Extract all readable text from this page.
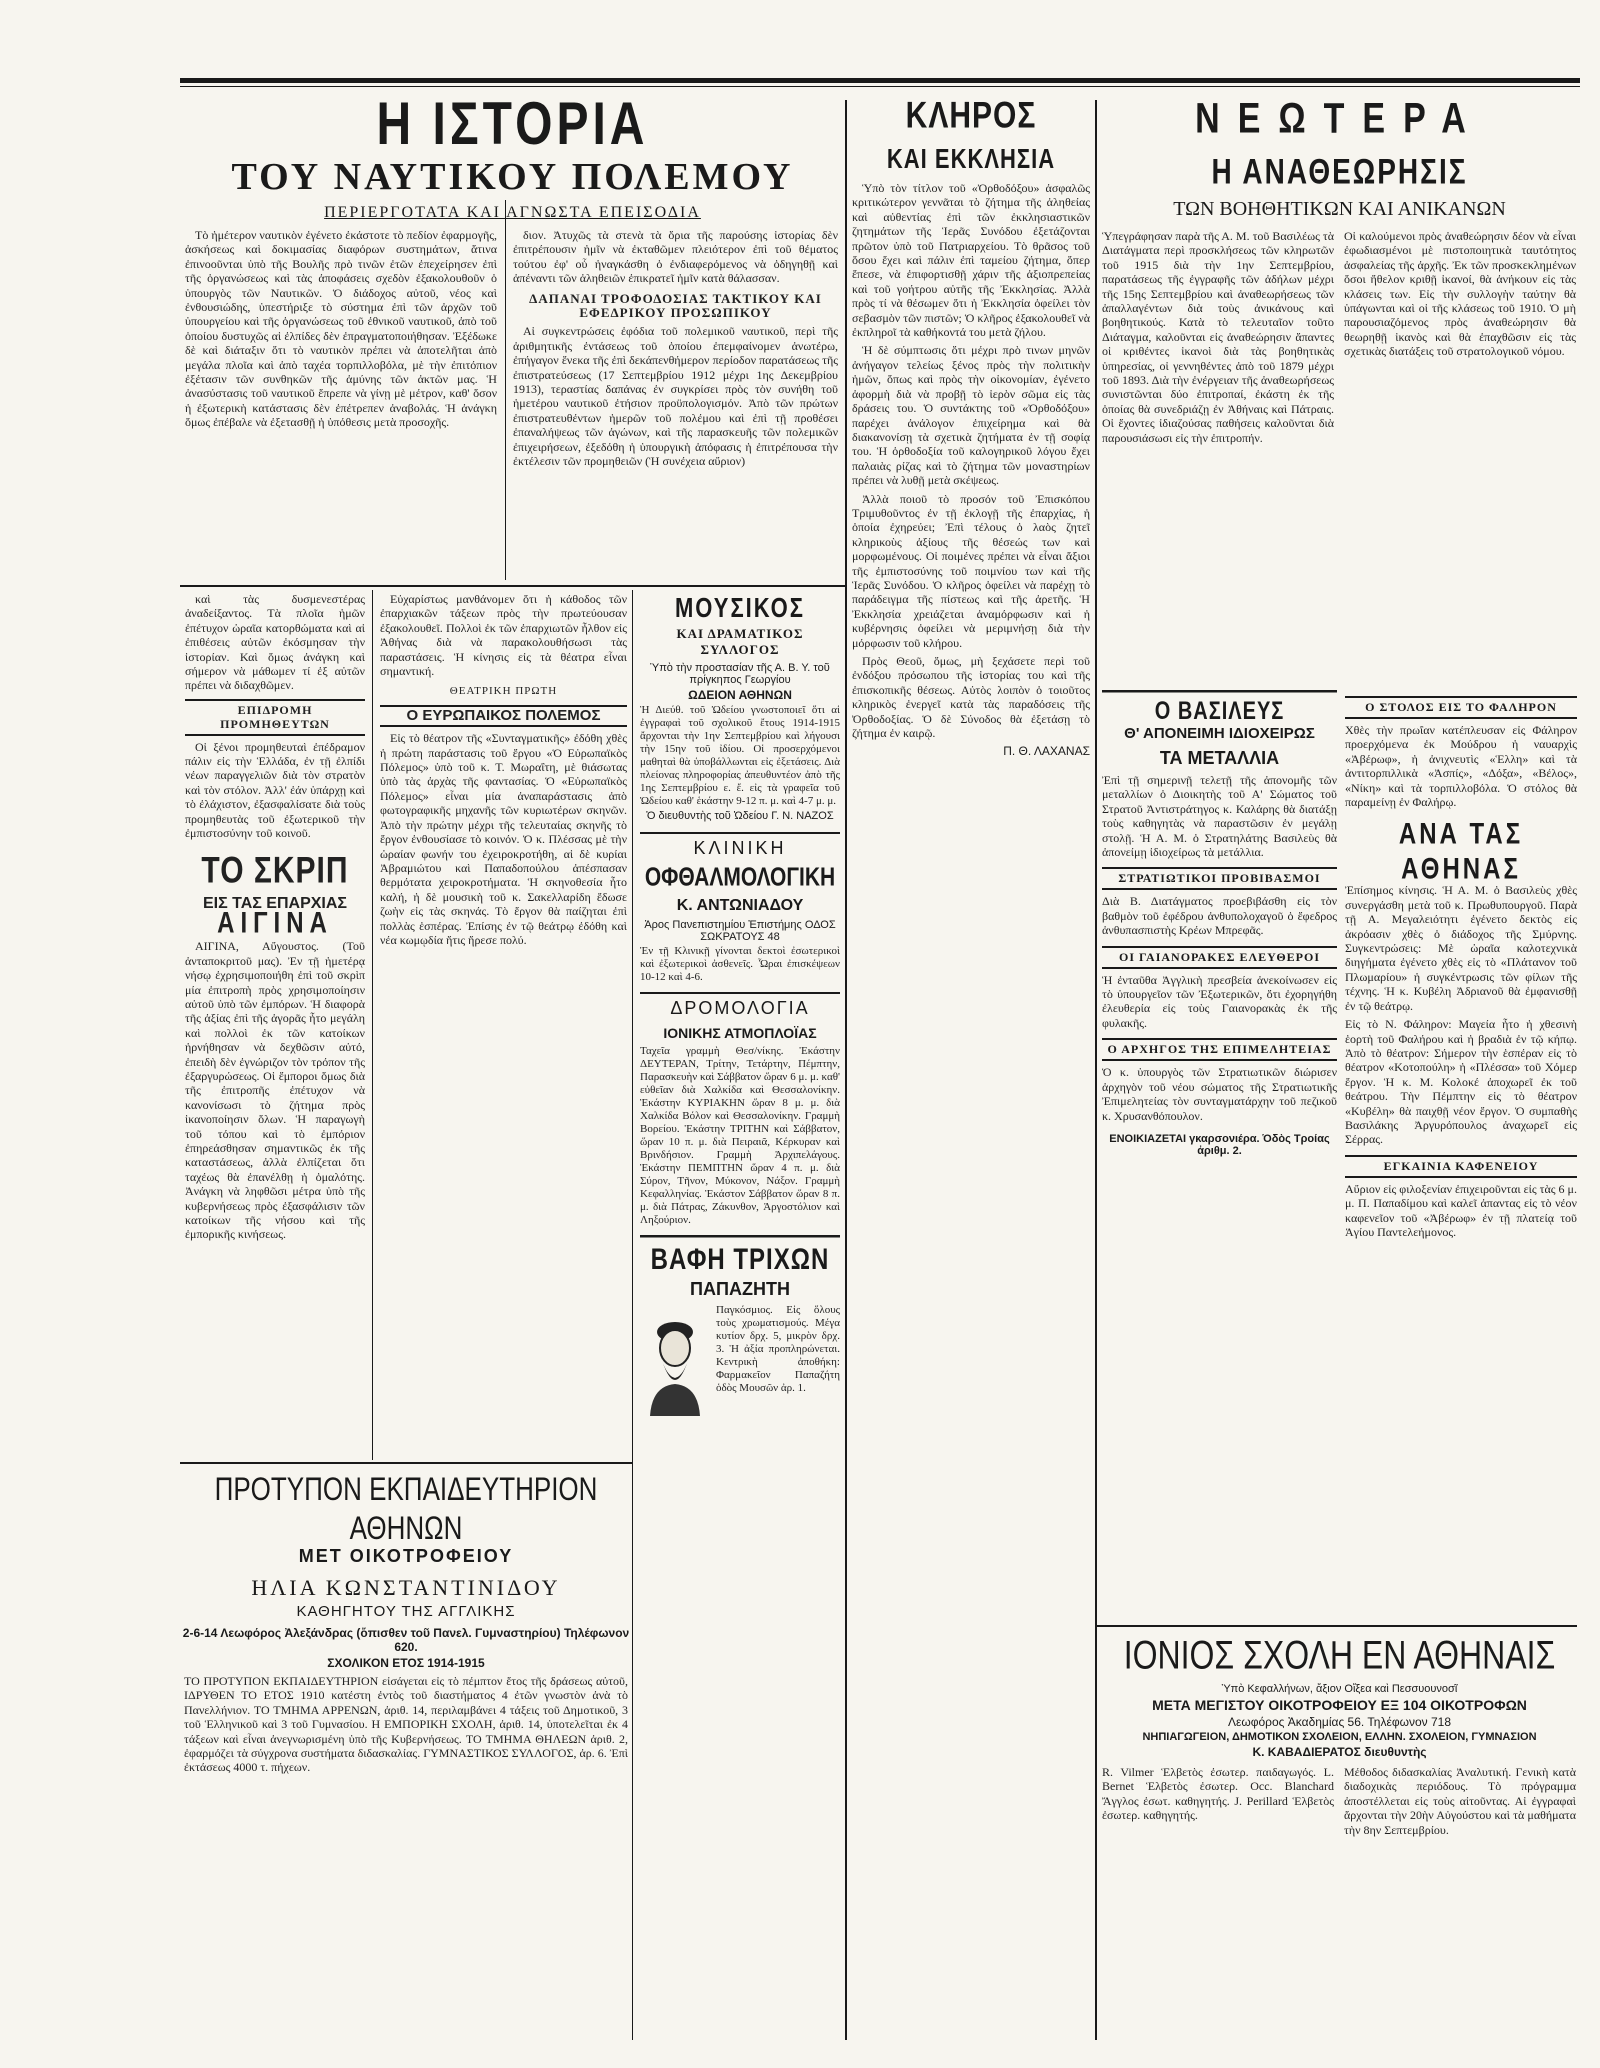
Η ΙΣΤΟΡΙΑ
ΤΟΥ ΝΑΥΤΙΚΟΥ ΠΟΛΕΜΟΥ
ΠΕΡΙΕΡΓΟΤΑΤΑ ΚΑΙ ΑΓΝΩΣΤΑ ΕΠΕΙΣΟΔΙΑ

Τὸ ἡμέτερον ναυτικὸν ἐγένετο ἐκάστοτε τὸ πεδίον ἐφαρμογῆς, ἀσκήσεως καὶ δοκιμασίας διαφόρων συστημάτων, ἅτινα ἐπινοοῦνται ὑπὸ τῆς Βουλῆς πρὸ τινῶν ἐτῶν ἐπεχείρησεν ἐπὶ τῆς ὀργανώσεως καὶ τὰς ἀποφάσεις σχεδὸν ἐξακολουθοῦν ὁ ὑπουργὸς τῶν Ναυτικῶν. Ὁ διάδοχος αὐτοῦ, νέος καὶ ἐνθουσιώδης, ὑπεστήριξε τὸ σύστημα ἐπὶ τῶν ἀρχῶν τοῦ ὑπουργείου καὶ τῆς ὀργανώσεως τοῦ ἐθνικοῦ ναυτικοῦ, ἀπὸ τοῦ ὁποίου δυστυχῶς αἱ ἐλπίδες δὲν ἐπραγματοποιήθησαν. Ἐξέδωκε δὲ καὶ διάταξιν ὅτι τὸ ναυτικὸν πρέπει νὰ ἀποτελῆται ἀπὸ μεγάλα πλοῖα καὶ ἀπὸ ταχέα τορπιλλοβόλα, μὲ τὴν ἐπιτόπιον ἐξέτασιν τῶν συνθηκῶν τῆς ἀμύνης τῶν ἀκτῶν μας. Ἡ ἀνασύστασις τοῦ ναυτικοῦ ἔπρεπε νὰ γίνῃ μὲ μέτρον, καθ' ὅσον ἡ ἐξωτερικὴ κατάστασις δὲν ἐπέτρεπεν ἀναβολάς. Ἡ ἀνάγκη ὅμως ἐπέβαλε νὰ ἐξετασθῇ ἡ ὑπόθεσις μετὰ προσοχῆς.

διον. Ἀτυχῶς τὰ στενὰ τὰ ὅρια τῆς παρούσης ἱστορίας δὲν ἐπιτρέπουσιν ἡμῖν νὰ ἐκταθῶμεν πλειότερον ἐπὶ τοῦ θέματος τούτου ἐφ' οὗ ἠναγκάσθη ὁ ἐνδιαφερόμενος νὰ ὁδηγηθῇ καὶ ἀπέναντι τῶν ἀληθειῶν ἐπικρατεῖ ἡμῖν κατὰ θάλασσαν.

ΔΑΠΑΝΑΙ ΤΡΟΦΟΔΟΣΙΑΣ ΤΑΚΤΙΚΟΥ ΚΑΙ ΕΦΕΔΡΙΚΟΥ ΠΡΟΣΩΠΙΚΟΥ

Αἱ συγκεντρώσεις ἐφόδια τοῦ πολεμικοῦ ναυτικοῦ, περὶ τῆς ἀριθμητικῆς ἐντάσεως τοῦ ὁποίου ἐπεμφαίνομεν ἀνωτέρω, ἐπήγαγον ἕνεκα τῆς ἐπὶ δεκάπενθήμερον περίοδον παρατάσεως τῆς ἐπιστρατεύσεως (17 Σεπτεμβρίου 1912 μέχρι 1ης Δεκεμβρίου 1913), τεραστίας δαπάνας ἐν συγκρίσει πρὸς τὸν συνήθη τοῦ ἡμετέρου ναυτικοῦ ἐτήσιον προϋπολογισμόν. Ἀπὸ τῶν πρώτων ἐπιστρατευθέντων ἡμερῶν τοῦ πολέμου καὶ ἐπὶ τῇ προθέσει ἐπαναλήψεως τῶν ἀγώνων, καὶ τῆς παρασκευῆς τῶν πολεμικῶν ἐπιχειρήσεων, ἐξεδόθη ἡ ὑπουργικὴ ἀπόφασις ἡ ἐπιτρέπουσα τὴν ἐκτέλεσιν τῶν προμηθειῶν (Ἡ συνέχεια αὔριον)

καὶ τὰς δυσμενεστέρας ἀναδείξαντος. Τὰ πλοῖα ἡμῶν ἐπέτυχον ὡραῖα κατορθώματα καὶ αἱ ἐπιθέσεις αὐτῶν ἐκόσμησαν τὴν ἱστορίαν. Καὶ ὅμως ἀνάγκη καὶ σήμερον νὰ μάθωμεν τί ἐξ αὐτῶν πρέπει νὰ διδαχθῶμεν.

ΕΠΙΔΡΟΜΗ ΠΡΟΜΗΘΕΥΤΩΝ

Οἱ ξένοι προμηθευταὶ ἐπέδραμον πάλιν εἰς τὴν Ἑλλάδα, ἐν τῇ ἐλπίδι νέων παραγγελιῶν διὰ τὸν στρατὸν καὶ τὸν στόλον. Ἀλλ' ἐάν ὑπάρχῃ καὶ τὸ ἐλάχιστον, ἐξασφαλίσατε διὰ τοὺς προμηθευτὰς τοῦ ἐξωτερικοῦ τὴν ἐμπιστοσύνην τοῦ κοινοῦ.

ΤΟ ΣΚΡΙΠ
ΕΙΣ ΤΑΣ ΕΠΑΡΧΙΑΣ
ΑΙΓΙΝΑ

ΑΙΓΙΝΑ, Αὔγουστος. (Τοῦ ἀνταποκριτοῦ μας). Ἐν τῇ ἡμετέρᾳ νήσῳ ἐχρησιμοποιήθη ἐπὶ τοῦ σκρὶπ μία ἐπιτροπὴ πρὸς χρησιμοποίησιν αὐτοῦ ὑπὸ τῶν ἐμπόρων. Ἡ διαφορὰ τῆς ἀξίας ἐπὶ τῆς ἀγορᾶς ἦτο μεγάλη καὶ πολλοὶ ἐκ τῶν κατοίκων ἠρνήθησαν νὰ δεχθῶσιν αὐτό, ἐπειδὴ δὲν ἐγνώριζον τὸν τρόπον τῆς ἐξαργυρώσεως. Οἱ ἔμποροι ὅμως διὰ τῆς ἐπιτροπῆς ἐπέτυχον νὰ κανονίσωσι τὸ ζήτημα πρὸς ἱκανοποίησιν ὅλων. Ἡ παραγωγὴ τοῦ τόπου καὶ τὸ ἐμπόριον ἐπηρεάσθησαν σημαντικῶς ἐκ τῆς καταστάσεως, ἀλλὰ ἐλπίζεται ὅτι ταχέως θὰ ἐπανέλθῃ ἡ ὁμαλότης. Ἀνάγκη νὰ ληφθῶσι μέτρα ὑπὸ τῆς κυβερνήσεως πρὸς ἐξασφάλισιν τῶν κατοίκων τῆς νήσου καὶ τῆς ἐμπορικῆς κινήσεως.

Εὐχαρίστως μανθάνομεν ὅτι ἡ κάθοδος τῶν ἐπαρχιακῶν τάξεων πρὸς τὴν πρωτεύουσαν ἐξακολουθεῖ. Πολλοὶ ἐκ τῶν ἐπαρχιωτῶν ἦλθον εἰς Ἀθήνας διὰ νὰ παρακολουθήσωσι τὰς παραστάσεις. Ἡ κίνησις εἰς τὰ θέατρα εἶναι σημαντική.

ΘΕΑΤΡΙΚΗ ΠΡΩΤΗ
Ο ΕΥΡΩΠΑΙΚΟΣ ΠΟΛΕΜΟΣ

Εἰς τὸ θέατρον τῆς «Συνταγματικῆς» ἐδόθη χθὲς ἡ πρώτη παράστασις τοῦ ἔργου «Ὁ Εὐρωπαϊκὸς Πόλεμος» ὑπὸ τοῦ κ. Τ. Μωραΐτη, μὲ θιάσωτας ὑπὸ τὰς ἀρχὰς τῆς φαντασίας. Ὁ «Εὐρωπαϊκὸς Πόλεμος» εἶναι μία ἀναπαράστασις ἀπὸ φωτογραφικῆς μηχανῆς τῶν κυριωτέρων σκηνῶν. Ἀπὸ τὴν πρώτην μέχρι τῆς τελευταίας σκηνῆς τὸ ἔργον ἐνθουσίασε τὸ κοινόν. Ὁ κ. Πλέσσας μὲ τὴν ὡραίαν φωνήν του ἐχειροκροτήθη, αἱ δὲ κυρίαι Ἀβραμιώτου καὶ Παπαδοπούλου ἀπέσπασαν θερμότατα χειροκροτήματα. Ἡ σκηνοθεσία ἦτο καλή, ἡ δὲ μουσικὴ τοῦ κ. Σακελλαρίδη ἔδωσε ζωὴν εἰς τὰς σκηνάς. Τὸ ἔργον θὰ παίζηται ἐπὶ πολλὰς ἑσπέρας. Ἐπίσης ἐν τῷ θεάτρῳ ἐδόθη καὶ νέα κωμῳδία ἥτις ἤρεσε πολύ.

ΠΡΟΤΥΠΟΝ ΕΚΠΑΙΔΕΥΤΗΡΙΟΝ ΑΘΗΝΩΝ
ΜΕΤ ΟΙΚΟΤΡΟΦΕΙΟΥ
ΗΛΙΑ ΚΩΝΣΤΑΝΤΙΝΙΔΟΥ
ΚΑΘΗΓΗΤΟΥ ΤΗΣ ΑΓΓΛΙΚΗΣ
2-6-14 Λεωφόρος Ἀλεξάνδρας (ὄπισθεν τοῦ Πανελ. Γυμναστηρίου) Τηλέφωνον 620.
ΣΧΟΛΙΚΟΝ ΕΤΟΣ 1914-1915
ΤΟ ΠΡΟΤΥΠΟΝ ΕΚΠΑΙΔΕΥΤΗΡΙΟΝ εἰσάγεται εἰς τὸ πέμπτον ἔτος τῆς δράσεως αὐτοῦ, ΙΔΡΥΘΕΝ ΤΟ ΕΤΟΣ 1910 κατέστη ἐντὸς τοῦ διαστήματος 4 ἐτῶν γνωστὸν ἀνὰ τὸ Πανελλήνιον. ΤΟ ΤΜΗΜΑ ΑΡΡΕΝΩΝ, ἀριθ. 14, περιλαμβάνει 4 τάξεις τοῦ Δημοτικοῦ, 3 τοῦ Ἑλληνικοῦ καὶ 3 τοῦ Γυμνασίου. Η ΕΜΠΟΡΙΚΗ ΣΧΟΛΗ, ἀριθ. 14, ὑποτελεῖται ἐκ 4 τάξεων καὶ εἶναι ἀνεγνωρισμένη ὑπὸ τῆς Κυβερνήσεως. ΤΟ ΤΜΗΜΑ ΘΗΛΕΩΝ ἀριθ. 2, ἐφαρμόζει τὰ σύγχρονα συστήματα διδασκαλίας. ΓΥΜΝΑΣΤΙΚΟΣ ΣΥΛΛΟΓΟΣ, ἀρ. 6. Ἐπὶ ἐκτάσεως 4000 τ. πήχεων.
ΜΟΥΣΙΚΟΣ
ΚΑΙ ΔΡΑΜΑΤΙΚΟΣ ΣΥΛΛΟΓΟΣ
Ὑπὸ τὴν προστασίαν τῆς Α. Β. Υ. τοῦ πρίγκηπος Γεωργίου
ΩΔΕΙΟΝ ΑΘΗΝΩΝ
Ἡ Διεύθ. τοῦ Ὠδείου γνωστοποιεῖ ὅτι αἱ ἐγγραφαὶ τοῦ σχολικοῦ ἔτους 1914-1915 ἄρχονται τὴν 1ην Σεπτεμβρίου καὶ λήγουσι τὴν 15ην τοῦ ἰδίου. Οἱ προσερχόμενοι μαθηταὶ θὰ ὑποβάλλωνται εἰς ἐξετάσεις. Διὰ πλείονας πληροφορίας ἀπευθυντέον ἀπὸ τῆς 1ης Σεπτεμβρίου ε. ἔ. εἰς τὰ γραφεῖα τοῦ Ὠδείου καθ' ἑκάστην 9-12 π. μ. καὶ 4-7 μ. μ.
Ὁ διευθυντὴς τοῦ Ὠδείου Γ. Ν. ΝΑΖΟΣ
ΚΛΙΝΙΚΗ
ΟΦΘΑΛΜΟΛΟΓΙΚΗ
Κ. ΑΝΤΩΝΙΑΔΟΥ
Ἀρος Πανεπιστημίου Ἐπιστήμης ΟΔΟΣ ΣΩΚΡΑΤΟΥΣ 48
Ἐν τῇ Κλινικῇ γίνονται δεκτοὶ ἐσωτερικοὶ καὶ ἐξωτερικοὶ ἀσθενεῖς. Ὧραι ἐπισκέψεων 10-12 καὶ 4-6.
ΔΡΟΜΟΛΟΓΙΑ
ΙΟΝΙΚΗΣ ΑΤΜΟΠΛΟΪΑΣ
Ταχεῖα γραμμὴ Θεσ/νίκης. Ἑκάστην ΔΕΥΤΕΡΑΝ, Τρίτην, Τετάρτην, Πέμπτην, Παρασκευὴν καὶ Σάββατον ὥραν 6 μ. μ. καθ' εὐθεῖαν διὰ Χαλκίδα καὶ Θεσσαλονίκην. Ἑκάστην ΚΥΡΙΑΚΗΝ ὥραν 8 μ. μ. διὰ Χαλκίδα Βόλον καὶ Θεσσαλονίκην. Γραμμὴ Βορείου. Ἑκάστην ΤΡΙΤΗΝ καὶ Σάββατον, ὥραν 10 π. μ. διὰ Πειραιᾶ, Κέρκυραν καὶ Βρινδήσιον. Γραμμὴ Ἀρχιπελάγους. Ἑκάστην ΠΕΜΠΤΗΝ ὥραν 4 π. μ. διὰ Σύρον, Τῆνον, Μύκονον, Νάξον. Γραμμὴ Κεφαλληνίας. Ἑκάστον Σάββατον ὥραν 8 π. μ. διὰ Πάτρας, Ζάκυνθον, Ἀργοστόλιον καὶ Ληξούριον.
ΒΑΦΗ ΤΡΙΧΩΝ
ΠΑΠΑΖΗΤΗ
Παγκόσμιος. Εἰς ὅλους τοὺς χρωματισμούς. Μέγα κυτίον δρχ. 5, μικρὸν δρχ. 3. Ἡ ἀξία προπληρώνεται. Κεντρικὴ ἀποθήκη: Φαρμακεῖον Παπαζήτη ὁδὸς Μουσῶν ἀρ. 1.
ΚΛΗΡΟΣ
ΚΑΙ ΕΚΚΛΗΣΙΑ

Ὑπὸ τὸν τίτλον τοῦ «Ὀρθοδόξου» ἀσφαλῶς κριτικώτερον γεννᾶται τὸ ζήτημα τῆς ἀληθείας καὶ αὐθεντίας ἐπὶ τῶν ἐκκλησιαστικῶν ζητημάτων τῆς Ἱερᾶς Συνόδου ἐξετάζονται πρῶτον ὑπὸ τοῦ Πατριαρχείου. Τὸ θρᾶσος τοῦ ὅσου ἔχει καὶ πάλιν ἐπὶ ταμείου ζήτημα, ὅπερ ἔπεσε, νὰ ἐπιφορτισθῇ χάριν τῆς ἀξιοπρεπείας καὶ τοῦ γοήτρου αὐτῆς τῆς Ἐκκλησίας. Ἀλλὰ πρὸς τί νὰ θέσωμεν ὅτι ἡ Ἐκκλησία ὀφείλει τὸν σεβασμὸν τῶν πιστῶν; Ὁ κλῆρος ἐξακολουθεῖ νὰ ἐκπληροῖ τὰ καθήκοντά του μετὰ ζήλου.

Ἡ δὲ σύμπτωσις ὅτι μέχρι πρὸ τινων μηνῶν ἀνήγαγον τελείως ξένος πρὸς τὴν πολιτικὴν ἡμῶν, ὅπως καὶ πρὸς τὴν οἰκονομίαν, ἐγένετο ἀφορμὴ διὰ νὰ προβῇ τὸ ἱερὸν σῶμα εἰς τὰς δράσεις του. Ὁ συντάκτης τοῦ «Ὀρθοδόξου» παρέχει ἀνάλογον ἐπιχείρημα καὶ θὰ διακανονίσῃ τὰ σχετικὰ ζητήματα ἐν τῇ σοφίᾳ του. Ἡ ὀρθοδοξία τοῦ καλογηρικοῦ λόγου ἔχει παλαιὰς ρίζας καὶ τὸ ζήτημα τῶν μοναστηρίων πρέπει νὰ λυθῇ μετὰ σκέψεως.

Ἀλλὰ ποιοῦ τὸ προσόν τοῦ Ἐπισκόπου Τριμυθοῦντος ἐν τῇ ἐκλογῇ τῆς ἐπαρχίας, ἡ ὁποία ἐχηρεύει; Ἐπὶ τέλους ὁ λαὸς ζητεῖ κληρικοὺς ἀξίους τῆς θέσεώς των καὶ μορφωμένους. Οἱ ποιμένες πρέπει νὰ εἶναι ἄξιοι τῆς ἐμπιστοσύνης τοῦ ποιμνίου των καὶ τῆς Ἱερᾶς Συνόδου. Ὁ κλῆρος ὀφείλει νὰ παρέχῃ τὸ παράδειγμα τῆς πίστεως καὶ τῆς ἀρετῆς. Ἡ Ἐκκλησία χρειάζεται ἀναμόρφωσιν καὶ ἡ κυβέρνησις ὀφείλει νὰ μεριμνήσῃ διὰ τὴν μόρφωσιν τοῦ κλήρου.

Πρὸς Θεοῦ, ὅμως, μὴ ξεχάσετε περὶ τοῦ ἐνδόξου πρόσωπου τῆς ἱστορίας του καὶ τῆς ἐπισκοπικῆς θέσεως. Αὐτὸς λοιπὸν ὁ τοιοῦτος κληρικὸς ἐνεργεῖ κατὰ τὰς παραδόσεις τῆς Ὀρθοδοξίας. Ὁ δὲ Σύνοδος θὰ ἐξετάσῃ τὸ ζήτημα ἐν καιρῷ.

Π. Θ. ΛΑΧΑΝΑΣ
ΝΕΩΤΕΡΑ
Η ΑΝΑΘΕΩΡΗΣΙΣ
ΤΩΝ ΒΟΗΘΗΤΙΚΩΝ ΚΑΙ ΑΝΙΚΑΝΩΝ
Ὑπεγράφησαν παρὰ τῆς Α. Μ. τοῦ Βασιλέως τὰ Διατάγματα περὶ προσκλήσεως τῶν κληρωτῶν τοῦ 1915 διὰ τὴν 1ην Σεπτεμβρίου, παρατάσεως τῆς ἐγγραφῆς τῶν ἀδήλων μέχρι τῆς 15ης Σεπτεμβρίου καὶ ἀναθεωρήσεως τῶν ἀπαλλαγέντων διὰ τοὺς ἀνικάνους καὶ βοηθητικούς. Κατὰ τὸ τελευταῖον τοῦτο Διάταγμα, καλοῦνται εἰς ἀναθεώρησιν ἅπαντες οἱ κριθέντες ἱκανοὶ διὰ τὰς βοηθητικὰς ὑπηρεσίας, οἱ γεννηθέντες ἀπὸ τοῦ 1879 μέχρι τοῦ 1893. Διὰ τὴν ἐνέργειαν τῆς ἀναθεωρήσεως συνιστῶνται δύο ἐπιτροπαί, ἐκάστη ἐκ τῆς ὁποίας θὰ συνεδριάζῃ ἐν Ἀθήναις καὶ Πάτραις. Οἱ ἔχοντες ἰδιαζούσας παθήσεις καλοῦνται διὰ παρουσιάσωσι εἰς τὴν ἐπιτροπήν.
Οἱ καλούμενοι πρὸς ἀναθεώρησιν δέον νὰ εἶναι ἐφωδιασμένοι μὲ πιστοποιητικὰ ταυτότητος ἀσφαλείας τῆς ἀρχῆς. Ἐκ τῶν προσκεκλημένων ὅσοι ἤθελον κριθῇ ἱκανοί, θὰ ἀνήκουν εἰς τὰς κλάσεις των. Εἰς τὴν συλλογὴν ταύτην θὰ ὑπάγωνται καὶ οἱ τῆς κλάσεως τοῦ 1910. Ὁ μὴ παρουσιαζόμενος πρὸς ἀναθεώρησιν θὰ θεωρηθῇ ἱκανὸς καὶ θὰ ἐπαχθῶσιν εἰς τὰς σχετικὰς διατάξεις τοῦ στρατολογικοῦ νόμου.
Ο ΒΑΣΙΛΕΥΣ
Θ' ΑΠΟΝΕΙΜΗ ΙΔΙΟΧΕΙΡΩΣ
ΤΑ ΜΕΤΑΛΛΙΑ
Ἐπὶ τῇ σημερινῇ τελετῇ τῆς ἀπονομῆς τῶν μεταλλίων ὁ Διοικητὴς τοῦ Α' Σώματος τοῦ Στρατοῦ Ἀντιστράτηγος κ. Καλάρης θὰ διατάξῃ τοὺς καθηγητὰς νὰ παραστῶσιν ἐν μεγάλῃ στολῇ. Ἡ Α. Μ. ὁ Στρατηλάτης Βασιλεὺς θὰ ἀπονείμῃ ἰδιοχείρως τὰ μετάλλια.
ΣΤΡΑΤΙΩΤΙΚΟΙ ΠΡΟΒΙΒΑΣΜΟΙ
Διὰ Β. Διατάγματος προεβιβάσθη εἰς τὸν βαθμὸν τοῦ ἐφέδρου ἀνθυπολοχαγοῦ ὁ ἔφεδρος ἀνθυπασπιστὴς Κρέων Μπρεφᾶς.
ΟΙ ΓΑΙΑΝΟΡΑΚΕΣ ΕΛΕΥΘΕΡΟΙ
Ἡ ἐνταῦθα Ἀγγλικὴ πρεσβεία ἀνεκοίνωσεν εἰς τὸ ὑπουργεῖον τῶν Ἐξωτερικῶν, ὅτι ἐχορηγήθη ἐλευθερία εἰς τοὺς Γαιανορακὰς ἐκ τῆς φυλακῆς.
Ο ΑΡΧΗΓΟΣ ΤΗΣ ΕΠΙΜΕΛΗΤΕΙΑΣ
Ὁ κ. ὑπουργὸς τῶν Στρατιωτικῶν διώρισεν ἀρχηγὸν τοῦ νέου σώματος τῆς Στρατιωτικῆς Ἐπιμελητείας τὸν συνταγματάρχην τοῦ πεζικοῦ κ. Χρυσανθόπουλον.
ΕΝΟΙΚΙΑΖΕΤΑΙ γκαρσονιέρα. Ὁδὸς Τροίας ἀριθμ. 2.
Ο ΣΤΟΛΟΣ ΕΙΣ ΤΟ ΦΑΛΗΡΟΝ
Χθὲς τὴν πρωΐαν κατέπλευσαν εἰς Φάληρον προερχόμενα ἐκ Μούδρου ἡ ναυαρχὶς «Ἀβέρωφ», ἡ ἀνιχνευτὶς «Ἑλλη» καὶ τὰ ἀντιτορπιλλικὰ «Ἀσπίς», «Δόξα», «Βέλος», «Νίκη» καὶ τὰ τορπιλλοβόλα. Ὁ στόλος θὰ παραμείνῃ ἐν Φαλήρῳ.
ΑΝΑ ΤΑΣ ΑΘΗΝΑΣ
Ἐπίσημος κίνησις. Ἡ Α. Μ. ὁ Βασιλεὺς χθὲς συνεργάσθη μετὰ τοῦ κ. Πρωθυπουργοῦ. Παρὰ τῇ Α. Μεγαλειότητι ἐγένετο δεκτὸς εἰς ἀκρόασιν χθὲς ὁ διάδοχος τῆς Σμύρνης. Συγκεντρώσεις: Μὲ ὡραῖα καλοτεχνικὰ διηγήματα ἐγένετο χθὲς εἰς τὸ «Πλάτανον τοῦ Πλωμαρίου» ἡ συγκέντρωσις τῶν φίλων τῆς τέχνης. Ἡ κ. Κυβέλη Ἀδριανοῦ θὰ ἐμφανισθῇ ἐν τῷ θεάτρῳ.
Εἰς τὸ Ν. Φάληρον: Μαγεία ἦτο ἡ χθεσινὴ ἑορτὴ τοῦ Φαλήρου καὶ ἡ βραδιὰ ἐν τῷ κήπῳ. Ἀπὸ τὸ θέατρον: Σήμερον τὴν ἑσπέραν εἰς τὸ θέατρον «Κοτοπούλη» ἡ «Πλέσσα» τοῦ Χόμερ ἔργον. Ἡ κ. Μ. Κολοκέ ἀποχωρεῖ ἐκ τοῦ θεάτρου. Τὴν Πέμπτην εἰς τὸ θέατρον «Κυβέλη» θὰ παιχθῇ νέον ἔργον. Ὁ συμπαθὴς Βασιλάκης Ἀργυρόπουλος ἀναχωρεῖ εἰς Σέρρας.
ΕΓΚΑΙΝΙΑ ΚΑΦΕΝΕΙΟΥ
Αὔριον εἰς φιλοξενίαν ἐπιχειροῦνται εἰς τὰς 6 μ. μ. Π. Παπαδίμου καὶ καλεῖ ἀπαντας εἰς τὸ νέον καφενεῖον τοῦ «Ἀβέρωφ» ἐν τῇ πλατείᾳ τοῦ Ἁγίου Παντελεήμονος.
ΙΟΝΙΟΣ ΣΧΟΛΗ ΕΝ ΑΘΗΝΑΙΣ
Ὑπὸ Κεφαλλήνων, ἄξιον Οἴξεα καὶ Πεσσυουνοσῖ
ΜΕΤΑ ΜΕΓΙΣΤΟΥ ΟΙΚΟΤΡΟΦΕΙΟΥ ΕΞ 104 ΟΙΚΟΤΡΟΦΩΝ
Λεωφόρος Ἀκαδημίας 56. Τηλέφωνον 718
ΝΗΠΙΑΓΩΓΕΙΟΝ, ΔΗΜΟΤΙΚΟΝ ΣΧΟΛΕΙΟΝ, ΕΛΛΗΝ. ΣΧΟΛΕΙΟΝ, ΓΥΜΝΑΣΙΟΝ
Κ. ΚΑΒΑΔΙΕΡΑΤΟΣ διευθυντὴς
R. Vilmer Ἑλβετὸς ἐσωτερ. παιδαγωγός. L. Bernet Ἑλβετὸς ἐσωτερ. Occ. Blanchard Ἄγγλος ἐσωτ. καθηγητής. J. Perillard Ἑλβετὸς ἐσωτερ. καθηγητής.
Μέθοδος διδασκαλίας Ἀναλυτική. Γενικὴ κατὰ διαδοχικὰς περιόδους. Τὸ πρόγραμμα ἀποστέλλεται εἰς τοὺς αἰτοῦντας. Αἱ ἐγγραφαὶ ἄρχονται τὴν 20ὴν Αὐγούστου καὶ τὰ μαθήματα τὴν 8ην Σεπτεμβρίου.
